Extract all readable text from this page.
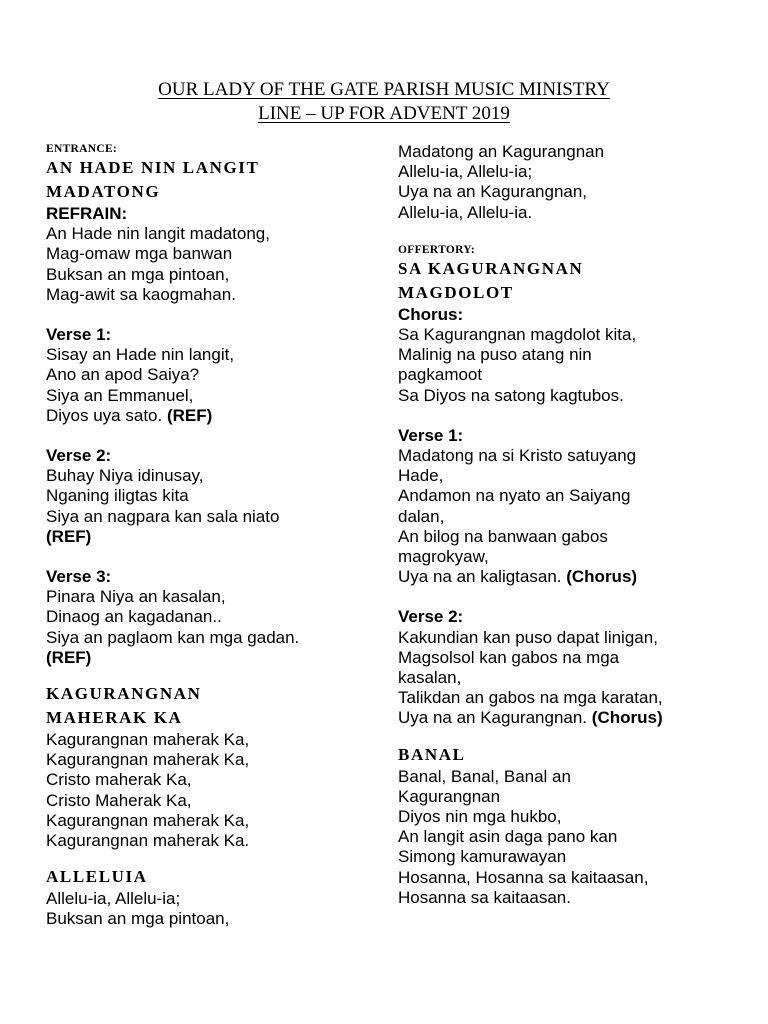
OUR LADY OF THE GATE PARISH MUSIC MINISTRY
LINE – UP FOR ADVENT 2019
ENTRANCE:
AN HADE NIN LANGIT
MADATONG
REFRAIN:
An Hade nin langit madatong,
Mag-omaw mga banwan
Buksan an mga pintoan,
Mag-awit sa kaogmahan.
Verse 1:
Sisay an Hade nin langit,
Ano an apod Saiya?
Siya an Emmanuel,
Diyos uya sato. (REF)
Verse 2:
Buhay Niya idinusay,
Nganing iligtas kita
Siya an nagpara kan sala niato
(REF)
Verse 3:
Pinara Niya an kasalan,
Dinaog an kagadanan..
Siya an paglaom kan mga gadan.
(REF)
KAGURANGNAN
MAHERAK KA
Kagurangnan maherak Ka,
Kagurangnan maherak Ka,
Cristo maherak Ka,
Cristo Maherak Ka,
Kagurangnan maherak Ka,
Kagurangnan maherak Ka.
ALLELUIA
Allelu-ia, Allelu-ia;
Buksan an mga pintoan,
Madatong an Kagurangnan
Allelu-ia, Allelu-ia;
Uya na an Kagurangnan,
Allelu-ia, Allelu-ia.
OFFERTORY:
SA KAGURANGNAN
MAGDOLOT
Chorus:
Sa Kagurangnan magdolot kita,
Malinig na puso atang nin
pagkamoot
Sa Diyos na satong kagtubos.
Verse 1:
Madatong na si Kristo satuyang
Hade,
Andamon na nyato an Saiyang
dalan,
An bilog na banwaan gabos
magrokyaw,
Uya na an kaligtasan. (Chorus)
Verse 2:
Kakundian kan puso dapat linigan,
Magsolsol kan gabos na mga
kasalan,
Talikdan an gabos na mga karatan,
Uya na an Kagurangnan. (Chorus)
BANAL
Banal, Banal, Banal an
Kagurangnan
Diyos nin mga hukbo,
An langit asin daga pano kan
Simong kamurawayan
Hosanna, Hosanna sa kaitaasan,
Hosanna sa kaitaasan.
